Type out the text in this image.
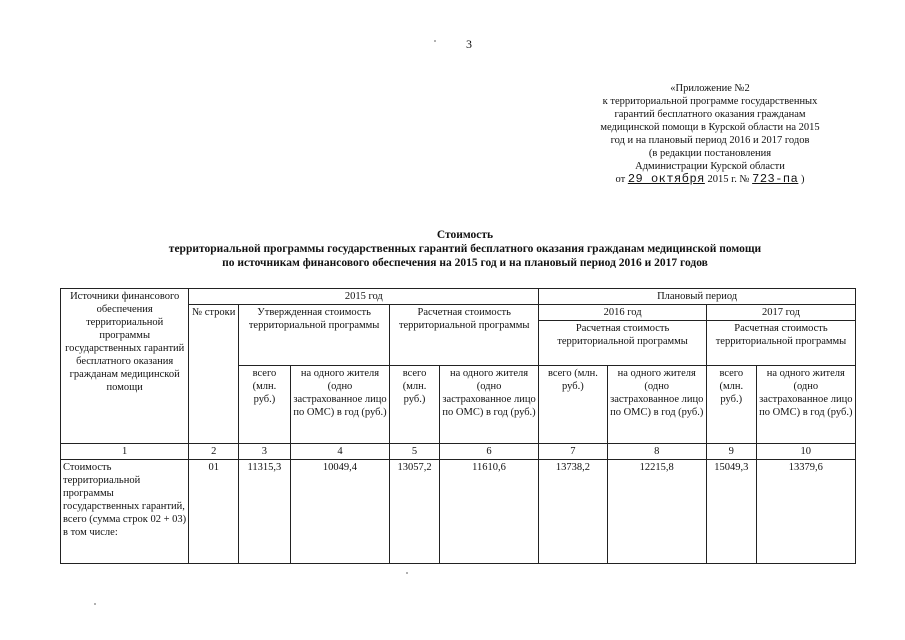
3
«Приложение №2
к территориальной программе государственных
гарантий бесплатного оказания гражданам
медицинской помощи в Курской области на 2015
год и на плановый период 2016 и 2017 годов
(в редакции постановления
Администрации Курской области
от 29 октября 2015 г. № 723-па )
Стоимость
территориальной программы государственных гарантий бесплатного оказания гражданам медицинской помощи
по источникам финансового обеспечения на 2015 год и на плановый период 2016 и 2017 годов
Источники финансового обеспечения территориальной программы государственных гарантий бесплатного оказания гражданам медицинской помощи	2015 год					Плановый период			
	№ строки	Утвержденная стоимость территориальной программы		Расчетная стоимость территориальной программы		2016 год		2017 год	
						Расчетная стоимость территориальной программы		Расчетная стоимость территориальной программы	
		всего (млн. руб.)	на одного жителя (одно застрахованное лицо по ОМС) в год (руб.)	всего (млн. руб.)	на одного жителя (одно застрахованное лицо по ОМС) в год (руб.)	всего (млн. руб.)	на одного жителя (одно застрахованное лицо по ОМС) в год (руб.)	всего (млн. руб.)	на одного жителя (одно застрахованное лицо по ОМС) в год (руб.)
1	2	3	4	5	6	7	8	9	10
Стоимость территориальной программы государственных гарантий, всего (сумма строк 02 + 03) в том числе:	01	11315,3	10049,4	13057,2	11610,6	13738,2	12215,8	15049,3	13379,6
